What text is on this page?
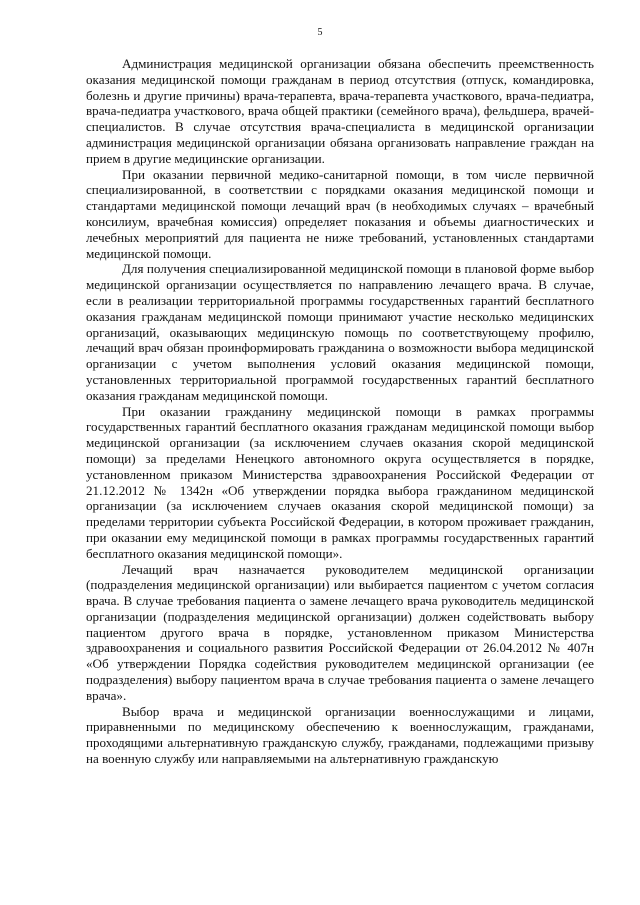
5

Администрация медицинской организации обязана обеспечить преемственность оказания медицинской помощи гражданам в период отсутствия (отпуск, командировка, болезнь и другие причины) врача-терапевта, врача-терапевта участкового, врача-педиатра, врача-педиатра участкового, врача общей практики (семейного врача), фельдшера, врачей-специалистов. В случае отсутствия врача-специалиста в медицинской организации администрация медицинской организации обязана организовать направление граждан на прием в другие медицинские организации.

При оказании первичной медико-санитарной помощи, в том числе первичной специализированной, в соответствии с порядками оказания медицинской помощи и стандартами медицинской помощи лечащий врач (в необходимых случаях – врачебный консилиум, врачебная комиссия) определяет показания и объемы диагностических и лечебных мероприятий для пациента не ниже требований, установленных стандартами медицинской помощи.

Для получения специализированной медицинской помощи в плановой форме выбор медицинской организации осуществляется по направлению лечащего врача. В случае, если в реализации территориальной программы государственных гарантий бесплатного оказания гражданам медицинской помощи принимают участие несколько медицинских организаций, оказывающих медицинскую помощь по соответствующему профилю, лечащий врач обязан проинформировать гражданина о возможности выбора медицинской организации с учетом выполнения условий оказания медицинской помощи, установленных территориальной программой государственных гарантий бесплатного оказания гражданам медицинской помощи.

При оказании гражданину медицинской помощи в рамках программы государственных гарантий бесплатного оказания гражданам медицинской помощи выбор медицинской организации (за исключением случаев оказания скорой медицинской помощи) за пределами Ненецкого автономного округа осуществляется в порядке, установленном приказом Министерства здравоохранения Российской Федерации от 21.12.2012 № 1342н «Об утверждении порядка выбора гражданином медицинской организации (за исключением случаев оказания скорой медицинской помощи) за пределами территории субъекта Российской Федерации, в котором проживает гражданин, при оказании ему медицинской помощи в рамках программы государственных гарантий бесплатного оказания медицинской помощи».

Лечащий врач назначается руководителем медицинской организации (подразделения медицинской организации) или выбирается пациентом с учетом согласия врача. В случае требования пациента о замене лечащего врача руководитель медицинской организации (подразделения медицинской организации) должен содействовать выбору пациентом другого врача в порядке, установленном приказом Министерства здравоохранения и социального развития Российской Федерации от 26.04.2012 № 407н «Об утверждении Порядка содействия руководителем медицинской организации (ее подразделения) выбору пациентом врача в случае требования пациента о замене лечащего врача».

Выбор врача и медицинской организации военнослужащими и лицами, приравненными по медицинскому обеспечению к военнослужащим, гражданами, проходящими альтернативную гражданскую службу, гражданами, подлежащими призыву на военную службу или направляемыми на альтернативную гражданскую
